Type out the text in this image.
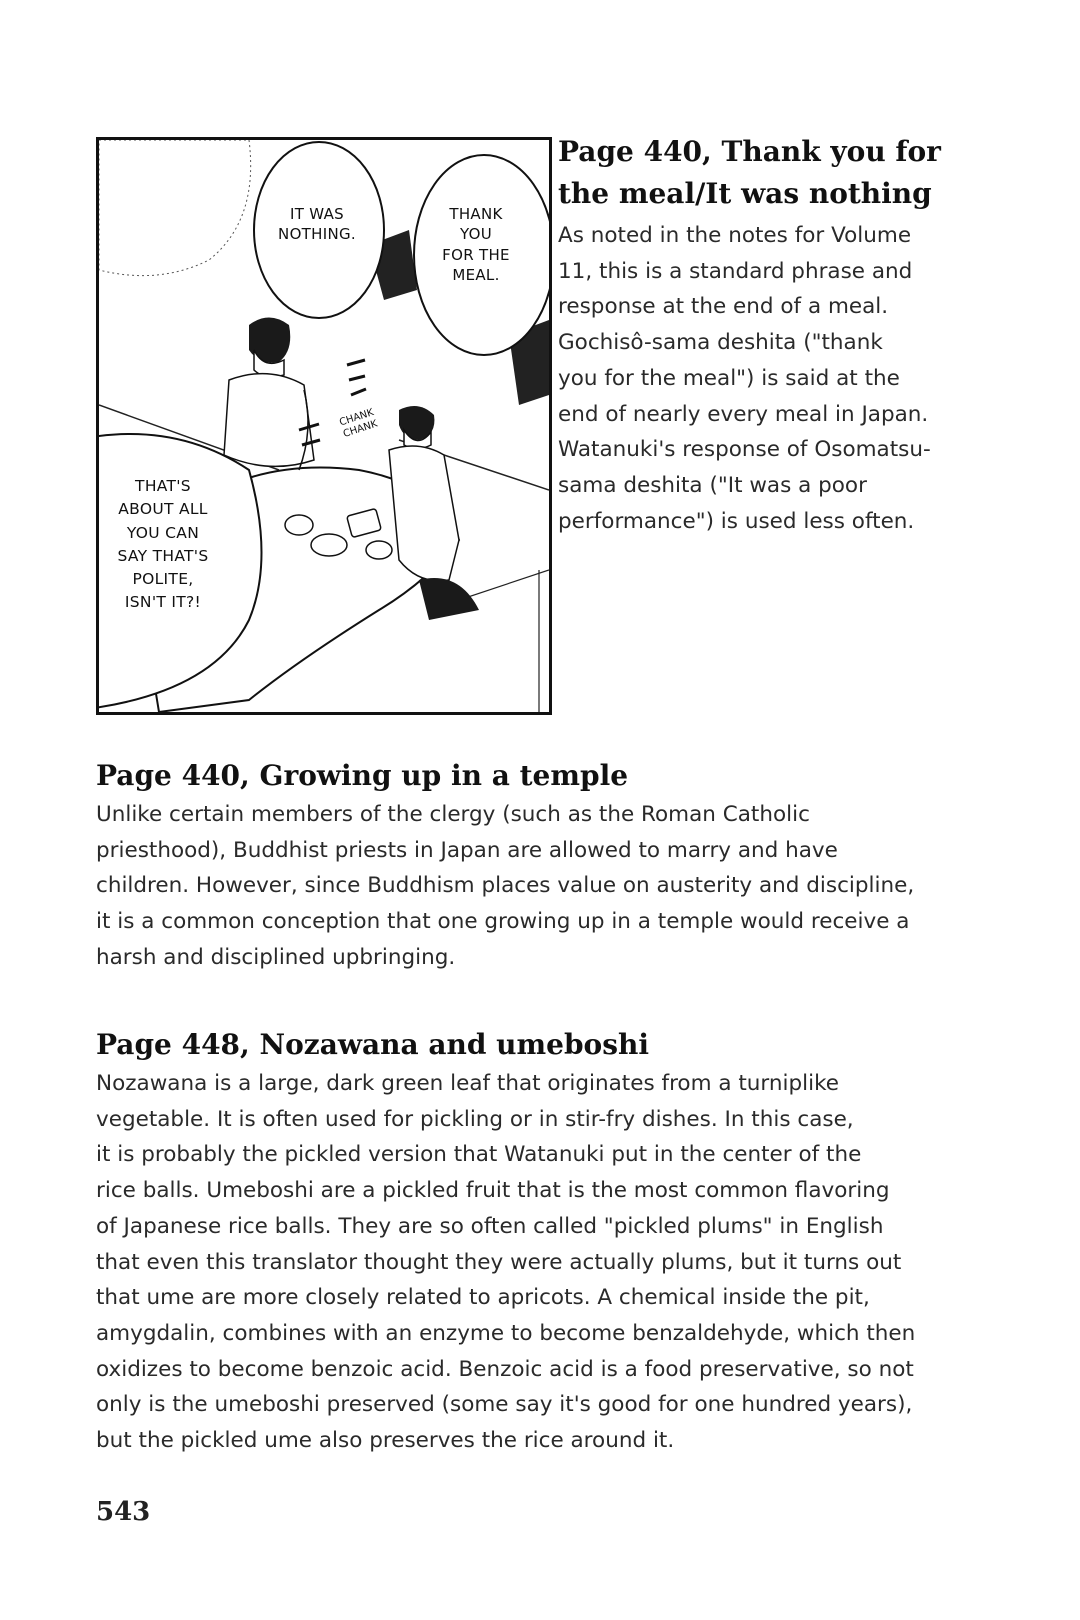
IT WAS
NOTHING.
THANK
YOU
FOR THE
MEAL.
THAT'S
ABOUT ALL
YOU CAN
SAY THAT'S
POLITE,
ISN'T IT?!
CHANK
CHANK
Page 440, Thank you for
the meal/It was nothing

As noted in the notes for Volume
11, this is a standard phrase and
response at the end of a meal.
Gochisô-sama deshita ("thank
you for the meal") is said at the
end of nearly every meal in Japan.
Watanuki's response of Osomatsu-
sama deshita ("It was a poor
performance") is used less often.

Page 440, Growing up in a temple

Unlike certain members of the clergy (such as the Roman Catholic
priesthood), Buddhist priests in Japan are allowed to marry and have
children. However, since Buddhism places value on austerity and discipline,
it is a common conception that one growing up in a temple would receive a
harsh and disciplined upbringing.

Page 448, Nozawana and umeboshi

Nozawana is a large, dark green leaf that originates from a turniplike
vegetable. It is often used for pickling or in stir-fry dishes. In this case,
it is probably the pickled version that Watanuki put in the center of the
rice balls. Umeboshi are a pickled fruit that is the most common flavoring
of Japanese rice balls. They are so often called "pickled plums" in English
that even this translator thought they were actually plums, but it turns out
that ume are more closely related to apricots. A chemical inside the pit,
amygdalin, combines with an enzyme to become benzaldehyde, which then
oxidizes to become benzoic acid. Benzoic acid is a food preservative, so not
only is the umeboshi preserved (some say it's good for one hundred years),
but the pickled ume also preserves the rice around it.

543
